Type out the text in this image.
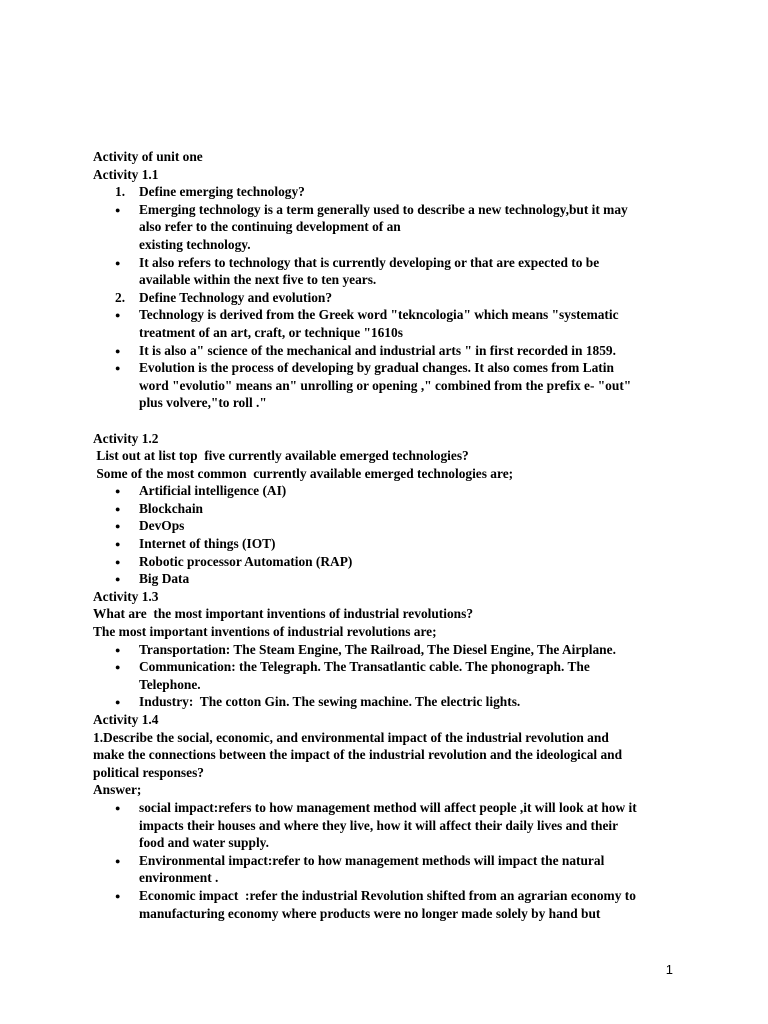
Activity of unit one

Activity 1.1

1. Define emerging technology?
●	Emerging technology is a term generally used to describe a new technology,but it may
also refer to the continuing development of an
existing technology.
●	It also refers to technology that is currently developing or that are expected to be
available within the next five to ten years.
2. Define Technology and evolution?
●	Technology is derived from the Greek word "tekncologia" which means "systematic
treatment of an art, craft, or technique "1610s
●	It is also a" science of the mechanical and industrial arts " in first recorded in 1859.
●	Evolution is the process of developing by gradual changes. It also comes from Latin
word "evolutio" means an" unrolling or opening ," combined from the prefix e- "out"
plus volvere,"to roll ."

Activity 1.2

List out at list top  five currently available emerged technologies?

Some of the most common  currently available emerged technologies are;

●	Artificial intelligence (AI)
●	Blockchain
●	DevOps
●	Internet of things (IOT)
●	Robotic processor Automation (RAP)
●	Big Data

Activity 1.3

What are  the most important inventions of industrial revolutions?

The most important inventions of industrial revolutions are;

●	Transportation: The Steam Engine, The Railroad, The Diesel Engine, The Airplane.
●	Communication: the Telegraph. The Transatlantic cable. The phonograph. The
Telephone.
●	Industry:  The cotton Gin. The sewing machine. The electric lights.

Activity 1.4

1.Describe the social, economic, and environmental impact of the industrial revolution and

make the connections between the impact of the industrial revolution and the ideological and

political responses?

Answer;

●	social impact:refers to how management method will affect people ,it will look at how it
impacts their houses and where they live, how it will affect their daily lives and their
food and water supply.
●	Environmental impact:refer to how management methods will impact the natural
environment .
●	Economic impact  :refer the industrial Revolution shifted from an agrarian economy to
manufacturing economy where products were no longer made solely by hand but
1
